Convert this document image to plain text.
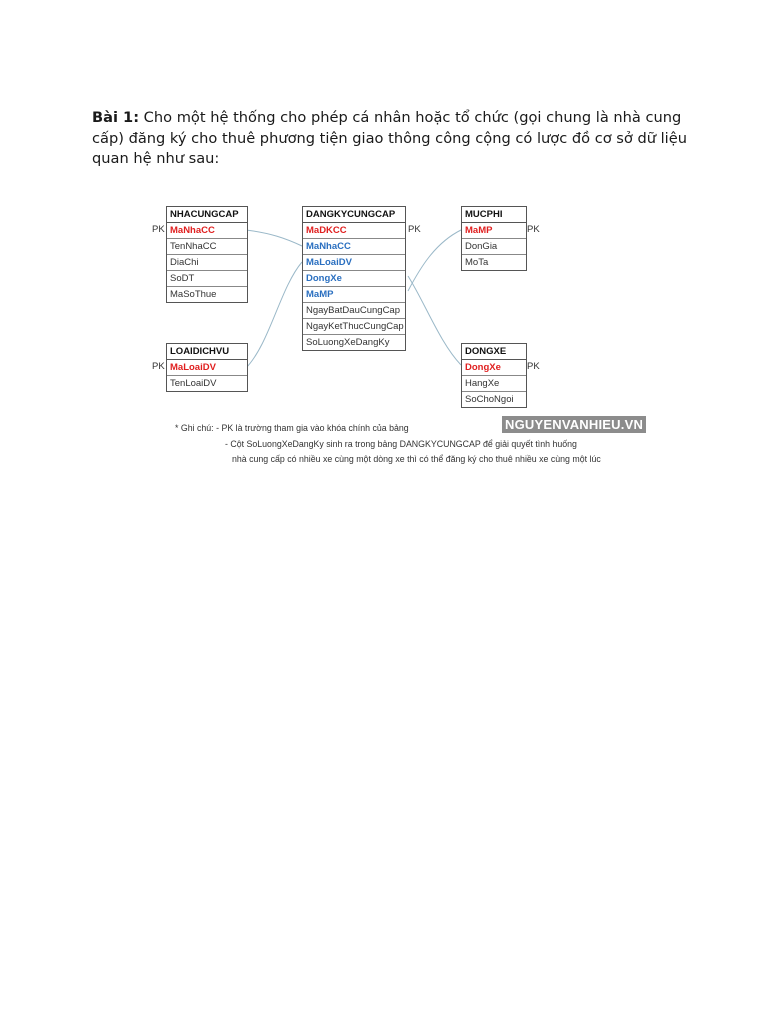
Bài 1: Cho một hệ thống cho phép cá nhân hoặc tổ chức (gọi chung là nhà cung cấp) đăng ký cho thuê phương tiện giao thông công cộng có lược đồ cơ sở dữ liệu quan hệ như sau:
NHACUNGCAP
MaNhaCC
TenNhaCC
DiaChi
SoDT
MaSoThue
PK
DANGKYCUNGCAP
MaDKCC
MaNhaCC
MaLoaiDV
DongXe
MaMP
NgayBatDauCungCap
NgayKetThucCungCap
SoLuongXeDangKy
PK
MUCPHI
MaMP
DonGia
MoTa
PK
LOAIDICHVU
MaLoaiDV
TenLoaiDV
PK
DONGXE
DongXe
HangXe
SoChoNgoi
PK
NGUYENVANHIEU.VN
* Ghi chú: - PK là trường tham gia vào khóa chính của bảng
- Cột SoLuongXeDangKy sinh ra trong bảng DANGKYCUNGCAP để giải quyết tình huống
nhà cung cấp có nhiều xe cùng một dòng xe thì có thể đăng ký cho thuê nhiều xe cùng một lúc
